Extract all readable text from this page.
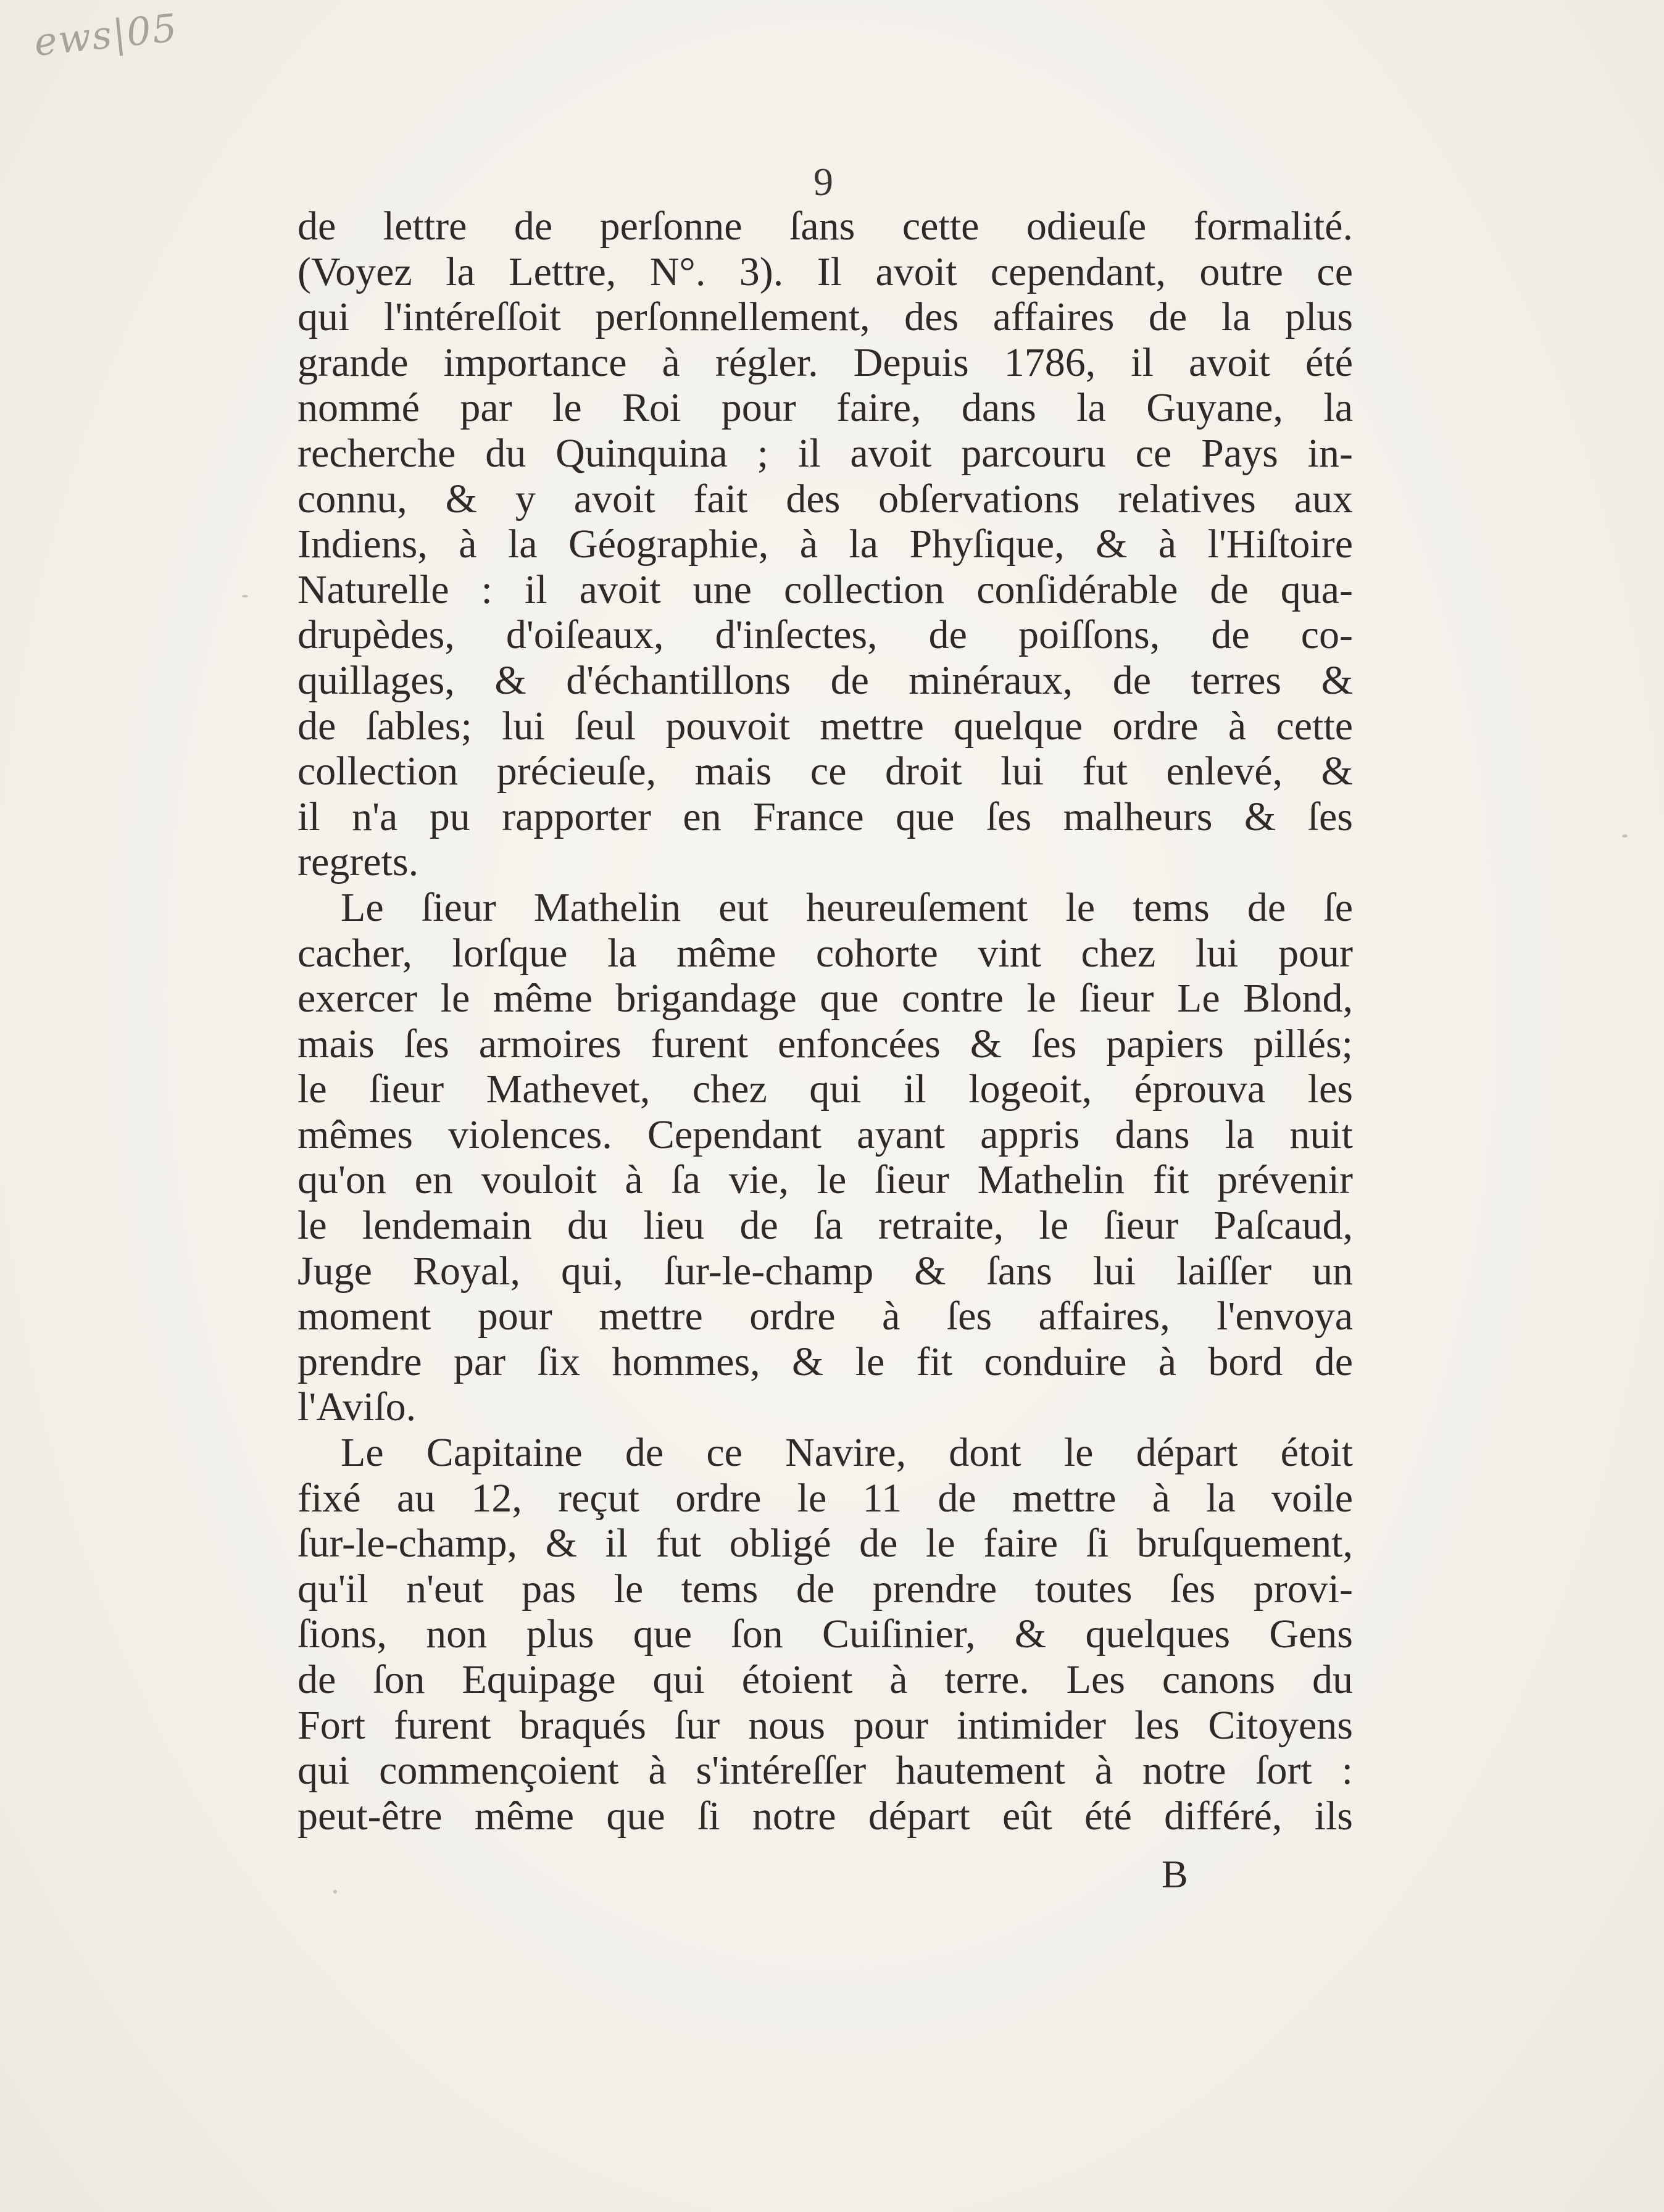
ews|05
9
de lettre de perſonne ſans cette odieuſe formalité.
(Voyez la Lettre, N°. 3). Il avoit cependant, outre ce
qui l'intéreſſoit perſonnellement, des affaires de la plus
grande importance à régler. Depuis 1786, il avoit été
nommé par le Roi pour faire, dans la Guyane, la
recherche du Quinquina ; il avoit parcouru ce Pays in-
connu, & y avoit fait des obſervations relatives aux
Indiens, à la Géographie, à la Phyſique, & à l'Hiſtoire
Naturelle : il avoit une collection conſidérable de qua-
drupèdes, d'oiſeaux, d'inſectes, de poiſſons, de co-
quillages, & d'échantillons de minéraux, de terres &
de ſables; lui ſeul pouvoit mettre quelque ordre à cette
collection précieuſe, mais ce droit lui fut enlevé, &
il n'a pu rapporter en France que ſes malheurs & ſes
regrets.
Le ſieur Mathelin eut heureuſement le tems de ſe
cacher, lorſque la même cohorte vint chez lui pour
exercer le même brigandage que contre le ſieur Le Blond,
mais ſes armoires furent enfoncées & ſes papiers pillés;
le ſieur Mathevet, chez qui il logeoit, éprouva les
mêmes violences. Cependant ayant appris dans la nuit
qu'on en vouloit à ſa vie, le ſieur Mathelin fit prévenir
le lendemain du lieu de ſa retraite, le ſieur Paſcaud,
Juge Royal, qui, ſur-le-champ & ſans lui laiſſer un
moment pour mettre ordre à ſes affaires, l'envoya
prendre par ſix hommes, & le fit conduire à bord de
l'Aviſo.
Le Capitaine de ce Navire, dont le départ étoit
fixé au 12, reçut ordre le 11 de mettre à la voile
ſur-le-champ, & il fut obligé de le faire ſi bruſquement,
qu'il n'eut pas le tems de prendre toutes ſes provi-
ſions, non plus que ſon Cuiſinier, & quelques Gens
de ſon Equipage qui étoient à terre. Les canons du
Fort furent braqués ſur nous pour intimider les Citoyens
qui commençoient à s'intéreſſer hautement à notre ſort :
peut-être même que ſi notre départ eût été différé, ils
B
